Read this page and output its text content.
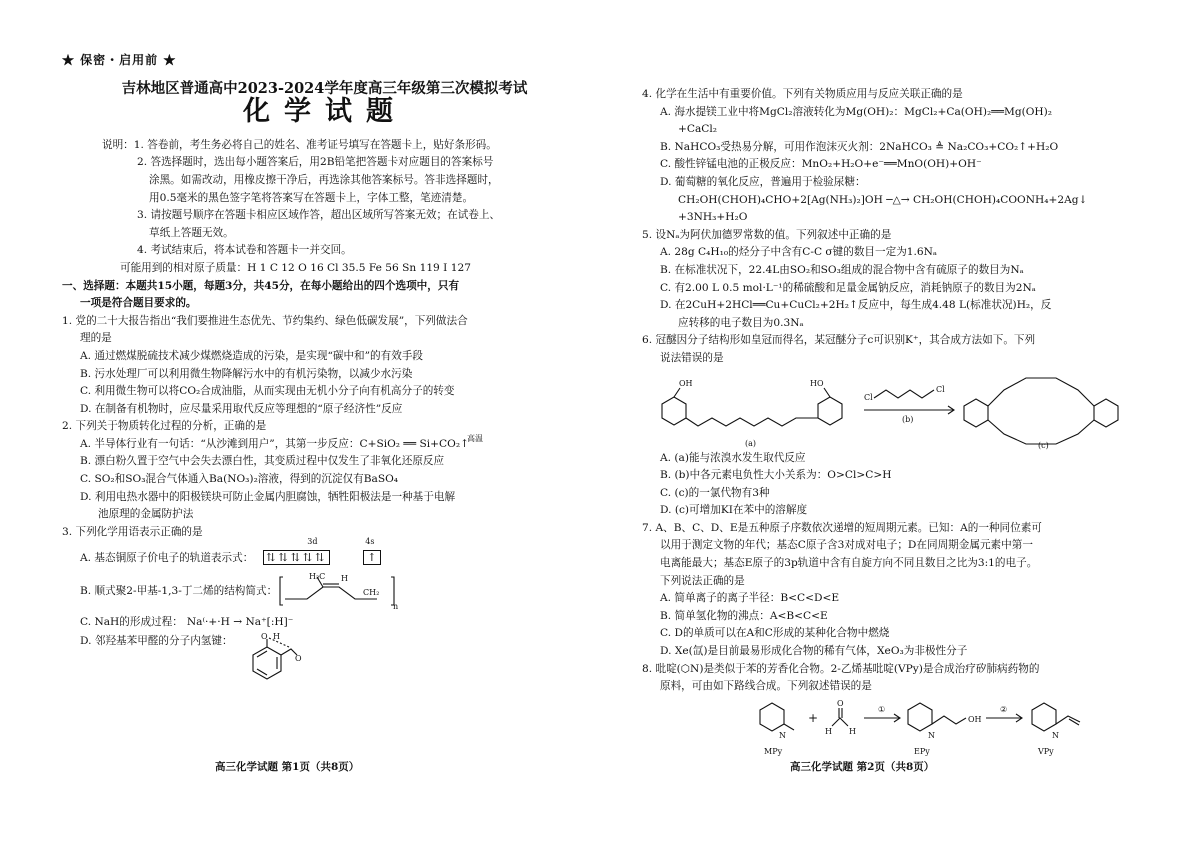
★ 保密・启用前 ★
吉林地区普通高中2023-2024学年度高三年级第三次模拟考试
化学试题
说明：1. 答卷前，考生务必将自己的姓名、准考证号填写在答题卡上，贴好条形码。
2. 答选择题时，选出每小题答案后，用2B铅笔把答题卡对应题目的答案标号
涂黑。如需改动，用橡皮擦干净后，再选涂其他答案标号。答非选择题时，
用0.5毫米的黑色签字笔将答案写在答题卡上，字体工整，笔迹清楚。
3. 请按题号顺序在答题卡相应区域作答，超出区域所写答案无效；在试卷上、
草纸上答题无效。
4. 考试结束后，将本试卷和答题卡一并交回。
可能用到的相对原子质量：H 1 C 12 O 16 Cl 35.5 Fe 56 Sn 119 I 127
一、选择题：本题共15小题，每题3分，共45分，在每小题给出的四个选项中，只有
一项是符合题目要求的。
1. 党的二十大报告指出“我们要推进生态优先、节约集约、绿色低碳发展”，下列做法合
理的是
A. 通过燃煤脱硫技术减少煤燃烧造成的污染，是实现“碳中和”的有效手段
B. 污水处理厂可以利用微生物降解污水中的有机污染物，以减少水污染
C. 利用微生物可以将CO₂合成油脂，从而实现由无机小分子向有机高分子的转变
D. 在制备有机物时，应尽量采用取代反应等理想的“原子经济性”反应
2. 下列关于物质转化过程的分析，正确的是
A. 半导体行业有一句话：“从沙滩到用户”，其第一步反应：C+SiO₂ ══ Si+CO₂↑
高温
B. 漂白粉久置于空气中会失去漂白性，其变质过程中仅发生了非氧化还原反应
C. SO₂和SO₃混合气体通入Ba(NO₃)₂溶液，得到的沉淀仅有BaSO₄
D. 利用电热水器中的阳极镁块可防止金属内胆腐蚀，牺牲阳极法是一种基于电解
池原理的金属防护法
3. 下列化学用语表示正确的是
A. 基态铜原子价电子的轨道表示式：
3d	4s
⇅⇅⇅⇅⇅	↑
B. 顺式聚2-甲基-1,3-丁二烯的结构简式：
H₃C H
CH₂
n
C. NaH的形成过程： Na⁽·+·H → Na⁺[:H]⁻
D. 邻羟基苯甲醛的分子内氢键：	O H
O
高三化学试题 第1页（共8页）
4. 化学在生活中有重要价值。下列有关物质应用与反应关联正确的是
A. 海水提镁工业中将MgCl₂溶液转化为Mg(OH)₂：MgCl₂+Ca(OH)₂══Mg(OH)₂
+CaCl₂
B. NaHCO₃受热易分解，可用作泡沫灭火剂：2NaHCO₃ ≜ Na₂CO₃+CO₂↑+H₂O
C. 酸性锌锰电池的正极反应：MnO₂+H₂O+e⁻══MnO(OH)+OH⁻
D. 葡萄糖的氧化反应，普遍用于检验尿糖：
CH₂OH(CHOH)₄CHO+2[Ag(NH₃)₂]OH ─△→ CH₂OH(CHOH)₄COONH₄+2Ag↓
+3NH₃+H₂O
5. 设Nₐ为阿伏加德罗常数的值。下列叙述中正确的是
A. 28g C₄H₁₀的烃分子中含有C-C σ键的数目一定为1.6Nₐ
B. 在标准状况下，22.4L由SO₂和SO₃组成的混合物中含有硫原子的数目为Nₐ
C. 有2.00 L 0.5 mol·L⁻¹的稀硫酸和足量金属钠反应，消耗钠原子的数目为2Nₐ
D. 在2CuH+2HCl══Cu+CuCl₂+2H₂↑反应中，每生成4.48 L(标准状况)H₂，反
应转移的电子数目为0.3Nₐ
6. 冠醚因分子结构形如皇冠而得名，某冠醚分子c可识别K⁺，其合成方法如下。下列
说法错误的是
OH	HO
(a)
Cl
Cl
(b)
(c)
A. (a)能与浓溴水发生取代反应
B. (b)中各元素电负性大小关系为：O>Cl>C>H
C. (c)的一氯代物有3种
D. (c)可增加KI在苯中的溶解度
7. A、B、C、D、E是五种原子序数依次递增的短周期元素。已知：A的一种同位素可
以用于测定文物的年代；基态C原子含3对成对电子；D在同周期金属元素中第一
电离能最大；基态E原子的3p轨道中含有自旋方向不同且数目之比为3:1的电子。
下列说法正确的是
A. 简单离子的离子半径：B<C<D<E
B. 简单氢化物的沸点：A<B<C<E
C. D的单质可以在A和C形成的某种化合物中燃烧
D. Xe(氙)是目前最易形成化合物的稀有气体，XeO₃为非极性分子
8. 吡啶(⬡N)是类似于苯的芳香化合物。2-乙烯基吡啶(VPy)是合成治疗矽肺病药物的
原料，可由如下路线合成。下列叙述错误的是
N
MPy
+
H H
O
①
N
OH
EPy
②
N
VPy
高三化学试题 第2页（共8页）
